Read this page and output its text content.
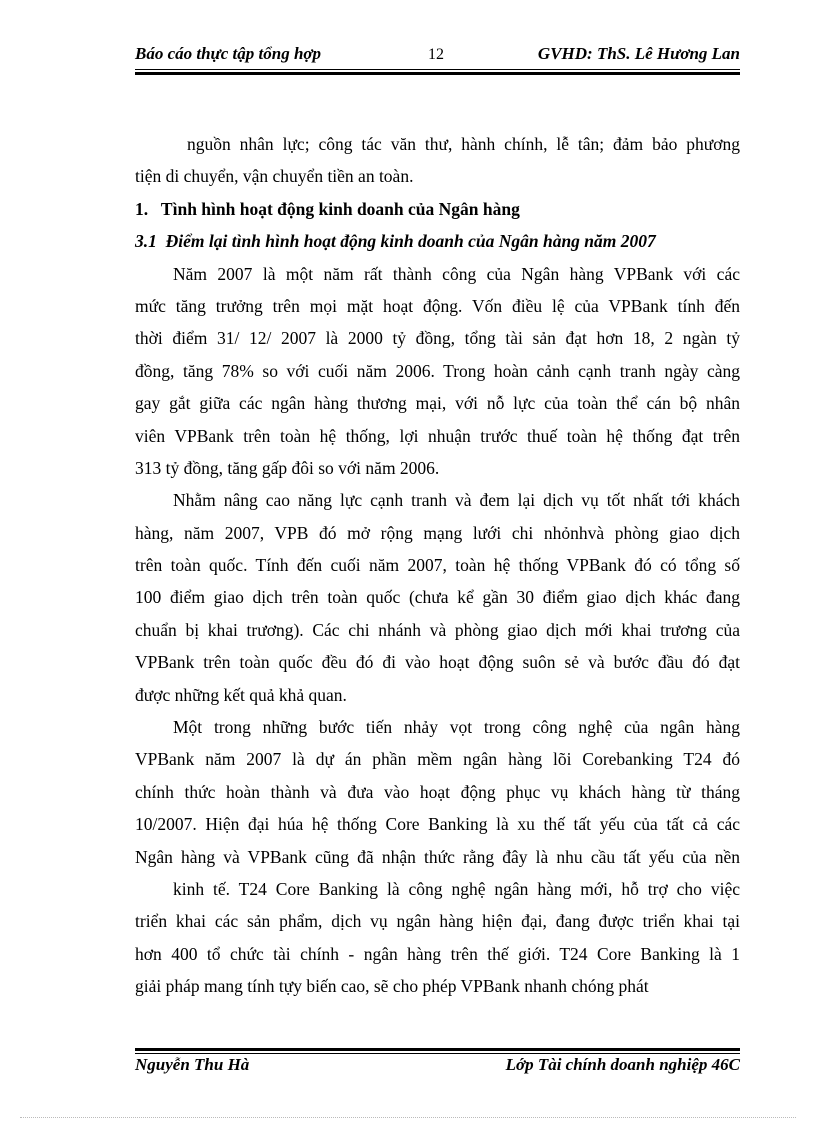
Báo cáo thực tập tổng hợp	12	GVHD: ThS. Lê Hương Lan
nguồn nhân lực; công tác văn thư, hành chính, lễ tân; đảm bảo phương
tiện di chuyển, vận chuyển tiền an toàn.
1.   Tình hình hoạt động kinh doanh của Ngân hàng
3.1  Điểm lại tình hình hoạt động kinh doanh của Ngân hàng năm 2007
Năm 2007 là một năm rất thành công của Ngân hàng VPBank với các
mức tăng trưởng trên mọi mặt hoạt động. Vốn điều lệ của VPBank tính đến
thời điểm 31/ 12/ 2007 là 2000 tỷ đồng, tổng tài sản đạt hơn 18, 2 ngàn tỷ
đồng, tăng 78% so với cuối năm 2006. Trong hoàn cảnh cạnh tranh ngày càng
gay gắt giữa các ngân hàng thương mại, với nỗ lực của toàn thể cán bộ nhân
viên VPBank trên toàn hệ thống, lợi nhuận trước thuế toàn hệ thống đạt trên
313 tỷ đồng, tăng gấp đôi so với năm 2006.
Nhằm nâng cao năng lực cạnh tranh và đem lại dịch vụ tốt nhất tới khách
hàng, năm 2007, VPB đó mở rộng mạng lưới chi nhỏnhvà phòng giao dịch
trên toàn quốc. Tính đến cuối năm 2007, toàn hệ thống VPBank đó có tổng số
100 điểm giao dịch trên toàn quốc (chưa kể gần 30 điểm giao dịch khác đang
chuẩn bị khai trương). Các chi nhánh và phòng giao dịch mới khai trương của
VPBank trên toàn quốc đều đó đi vào hoạt động suôn sẻ và bước đầu đó đạt
được những kết quả khả quan.
Một trong những bước tiến nhảy vọt trong công nghệ của ngân hàng
VPBank năm 2007 là dự án phần mềm ngân hàng lõi Corebanking T24 đó
chính thức hoàn thành và đưa vào hoạt động phục vụ khách hàng từ tháng
10/2007. Hiện đại húa hệ thống Core Banking là xu thế tất yếu của tất cả các
Ngân hàng và VPBank cũng đã nhận thức rằng đây là nhu cầu tất yếu của nền
kinh tế. T24 Core Banking là công nghệ ngân hàng mới, hỗ trợ cho việc
triển khai các sản phẩm, dịch vụ ngân hàng hiện đại, đang được triển khai tại
hơn 400 tổ chức tài chính - ngân hàng trên thế giới. T24 Core Banking là 1
giải pháp mang tính tựy biến cao, sẽ cho phép VPBank nhanh chóng phát
Nguyễn Thu Hà	Lớp Tài chính doanh nghiệp 46C
